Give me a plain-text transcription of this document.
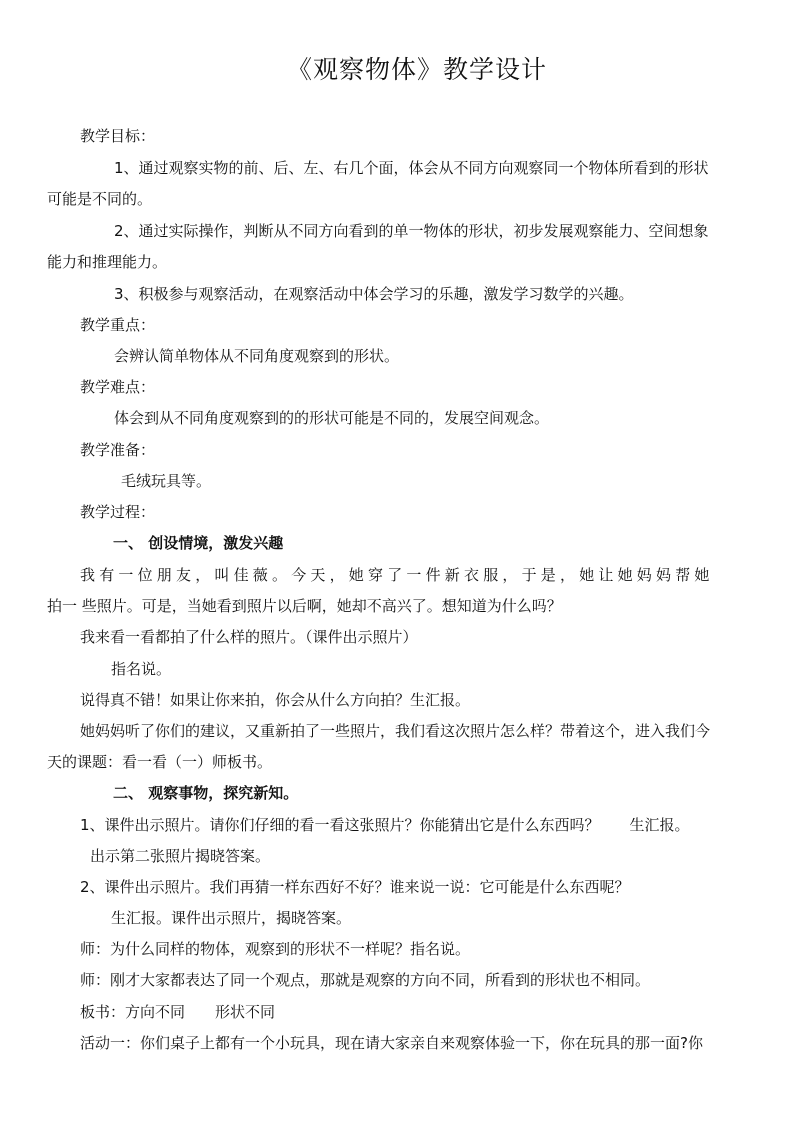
《观察物体》教学设计
教学目标：
1、通过观察实物的前、后、左、右几个面，体会从不同方向观察同一个物体所看到的形状
可能是不同的。
2、通过实际操作，判断从不同方向看到的单一物体的形状，初步发展观察能力、空间想象
能力和推理能力。
3、积极参与观察活动，在观察活动中体会学习的乐趣，激发学习数学的兴趣。
教学重点：
会辨认简单物体从不同角度观察到的形状。
教学难点：
体会到从不同角度观察到的的形状可能是不同的，发展空间观念。
教学准备：
毛绒玩具等。
教学过程：
一、 创设情境，激发兴趣
我有一位朋友，叫佳薇。今天，她穿了一件新衣服，于是，她让她妈妈帮她
拍一 些照片。可是，当她看到照片以后啊，她却不高兴了。想知道为什么吗？
我来看一看都拍了什么样的照片。（课件出示照片）
指名说。
说得真不错！如果让你来拍，你会从什么方向拍？生汇报。
她妈妈听了你们的建议，又重新拍了一些照片，我们看这次照片怎么样？带着这个，进入我们今
天的课题：看一看（一）师板书。
二、 观察事物，探究新知。
1、课件出示照片。请你们仔细的看一看这张照片？你能猜出它是什么东西吗？　　生汇报。
出示第二张照片揭晓答案。
2、课件出示照片。我们再猜一样东西好不好？谁来说一说：它可能是什么东西呢？
生汇报。课件出示照片，揭晓答案。
师：为什么同样的物体，观察到的形状不一样呢？指名说。
师：刚才大家都表达了同一个观点，那就是观察的方向不同，所看到的形状也不相同。
板书：方向不同　　形状不同
活动一：你们桌子上都有一个小玩具，现在请大家亲自来观察体验一下，你在玩具的那一面?你
